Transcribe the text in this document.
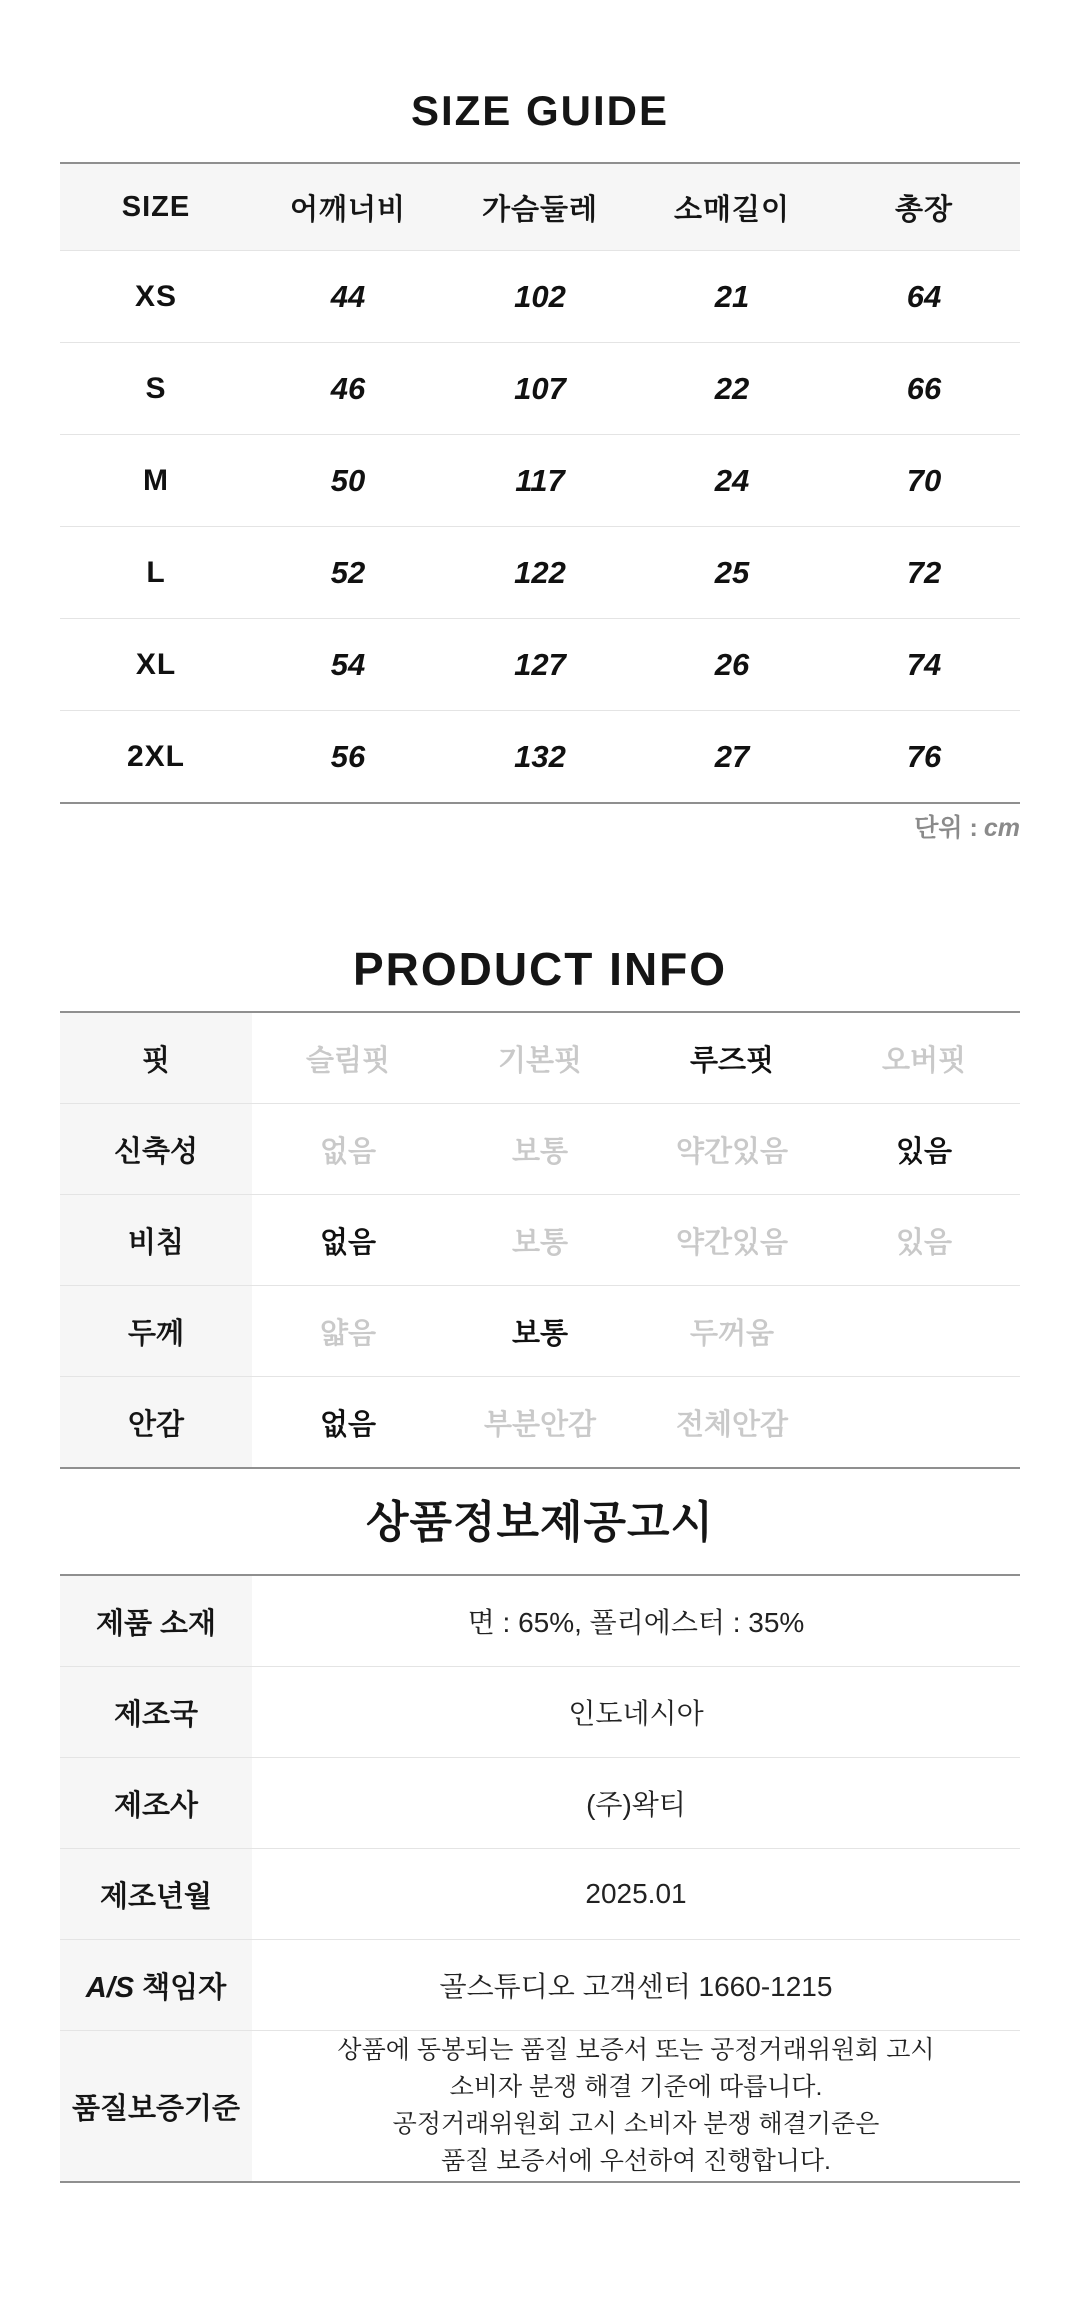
SIZE GUIDE
SIZE	어깨너비	가슴둘레	소매길이	총장
XS	44	102	21	64
S	46	107	22	66
M	50	117	24	70
L	52	122	25	72
XL	54	127	26	74
2XL	56	132	27	76
단위 : cm
PRODUCT INFO
핏	슬림핏	기본핏	루즈핏	오버핏
신축성	없음	보통	약간있음	있음
비침	없음	보통	약간있음	있음
두께	얇음	보통	두꺼움	
안감	없음	부분안감	전체안감	
상품정보제공고시
제품 소재	면 : 65%, 폴리에스터 : 35%
제조국	인도네시아
제조사	(주)왁티
제조년월	2025.01
A/S 책임자	골스튜디오 고객센터 1660-1215
품질보증기준	상품에 동봉되는 품질 보증서 또는 공정거래위원회 고시
소비자 분쟁 해결 기준에 따릅니다.
공정거래위원회 고시 소비자 분쟁 해결기준은
품질 보증서에 우선하여 진행합니다.
